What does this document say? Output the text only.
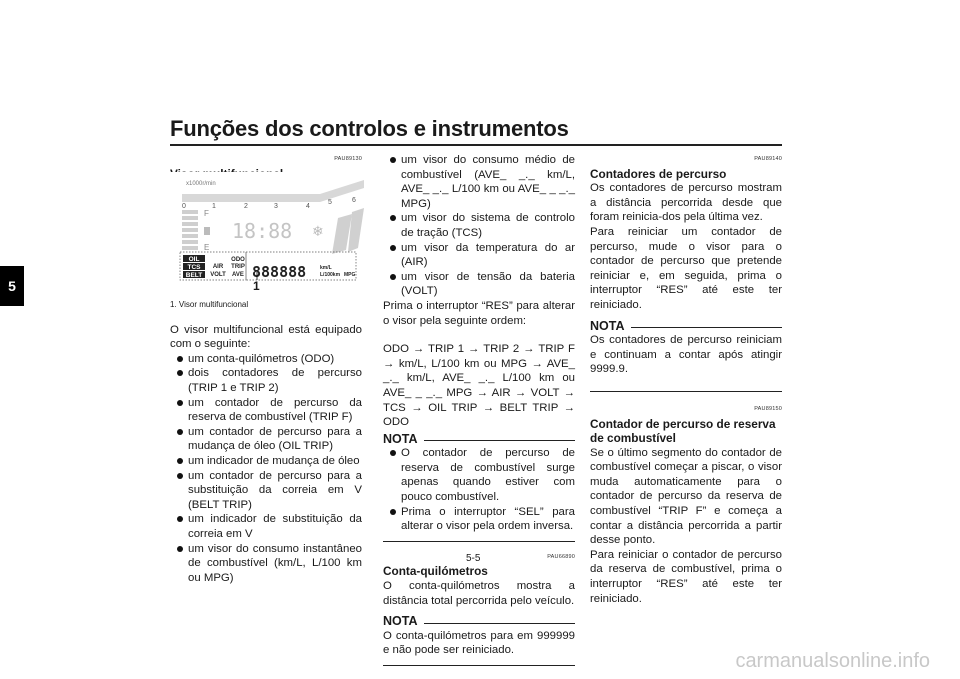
Funções dos controlos e instrumentos
5
PAU89130
x1000r/min
0	1	2	3	4
5	6
F
E
18:88 ❄
OIL
TCS
BELT
AIR
VOLT
ODO
TRIP
AVE 888888	km/L
L/100km MPG
1
1. Visor multifuncional

O visor multifuncional está equipado com o seguinte:

um conta-quilómetros (ODO)
dois contadores de percurso (TRIP 1 e TRIP 2)
um contador de percurso da reserva de combustível (TRIP F)
um contador de percurso para a mudança de óleo (OIL TRIP)
um indicador de mudança de óleo
um contador de percurso para a substituição da correia em V (BELT TRIP)
um indicador de substituição da correia em V
um visor do consumo instantâneo de combustível (km/L, L/100 km ou MPG)
um visor do consumo médio de combustível (AVE_ _._ km/L, AVE_ _._ L/100 km ou AVE_ _ _._ MPG)
um visor do sistema de controlo de tração (TCS)
um visor da temperatura do ar (AIR)
um visor de tensão da bateria (VOLT)

Prima o interruptor “RES” para alterar o visor pela seguinte ordem:

ODO → TRIP 1 → TRIP 2 → TRIP F → km/L, L/100 km ou MPG → AVE_ _._ km/L, AVE_ _._ L/100 km ou AVE_ _ _._ MPG → AIR → VOLT → TCS → OIL TRIP → BELT TRIP → ODO

NOTA
O contador de percurso de reserva de combustível surge apenas quando estiver com pouco combustível.
Prima o interruptor “SEL” para alterar o visor pela ordem inversa.
PAU66890
Conta-quilómetros

O conta-quilómetros mostra a distância total percorrida pelo veículo.

NOTA

O conta-quilómetros para em 999999 e não pode ser reiniciado.

PAU89140
Contadores de percurso

Os contadores de percurso mostram a distância percorrida desde que foram reinicia-dos pela última vez.

Para reiniciar um contador de percurso, mude o visor para o contador de percurso que pretende reiniciar e, em seguida, prima o interruptor “RES” até este ter reiniciado.

NOTA

Os contadores de percurso reiniciam e continuam a contar após atingir 9999.9.

PAU89150
Contador de percurso de reserva de combustível

Se o último segmento do contador de combustível começar a piscar, o visor muda automaticamente para o contador de percurso da reserva de combustível “TRIP F” e começa a contar a distância percorrida a partir desse ponto.

Para reiniciar o contador de percurso da reserva de combustível, prima o interruptor “RES” até este ter reiniciado.

5-5
carmanualsonline.info
